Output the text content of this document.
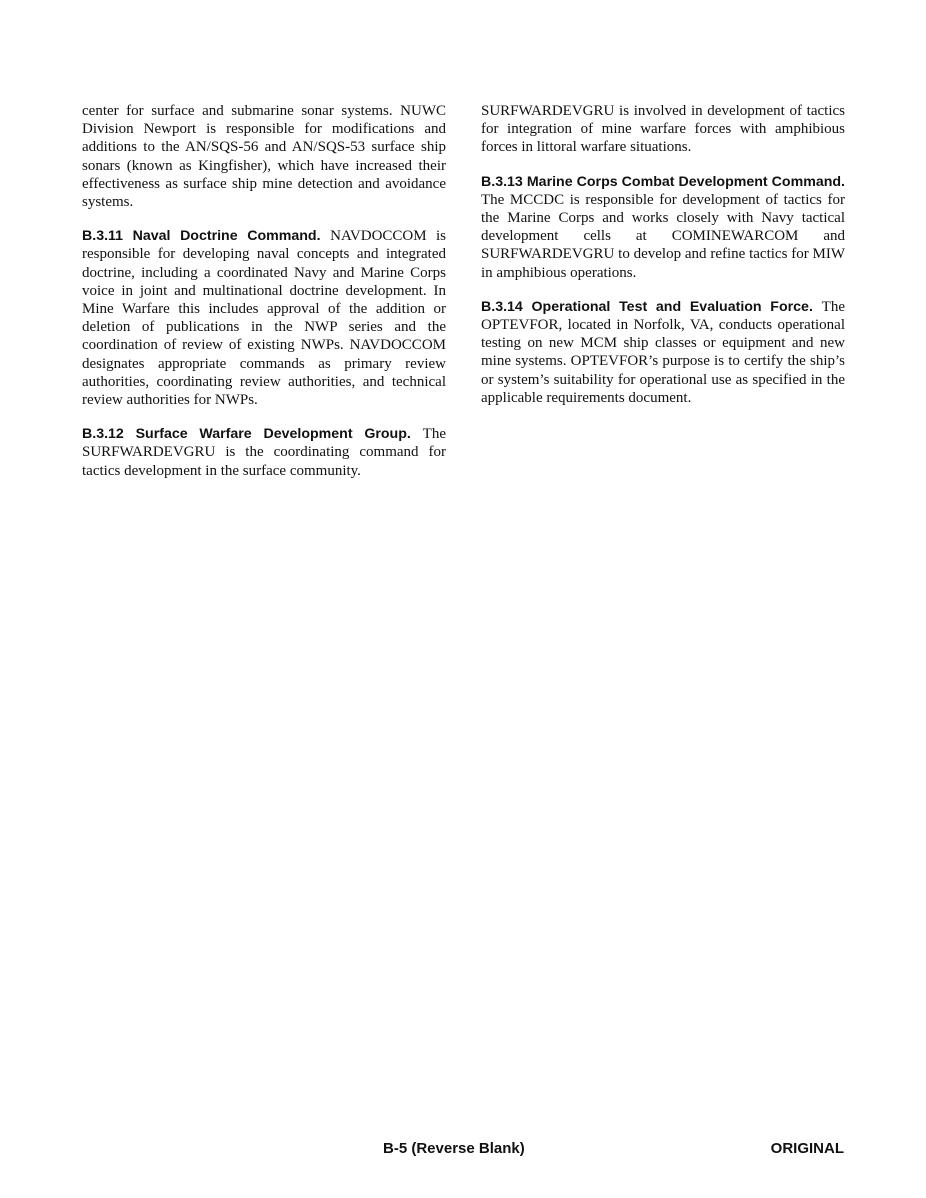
center for surface and submarine sonar systems. NUWC Division Newport is responsible for modifications and additions to the AN/SQS-56 and AN/SQS-53 surface ship sonars (known as Kingfisher), which have increased their effectiveness as surface ship mine detection and avoidance systems.

B.3.11 Naval Doctrine Command. NAVDOCCOM is responsible for developing naval concepts and integrated doctrine, including a coordinated Navy and Marine Corps voice in joint and multinational doctrine development. In Mine Warfare this includes approval of the addition or deletion of publications in the NWP series and the coordination of review of existing NWPs. NAVDOCCOM designates appropriate commands as primary review authorities, coordinating review authorities, and technical review authorities for NWPs.

B.3.12 Surface Warfare Development Group. The SURFWARDEVGRU is the coordinating command for tactics development in the surface community.

SURFWARDEVGRU is involved in development of tactics for integration of mine warfare forces with amphibious forces in littoral warfare situations.

B.3.13 Marine Corps Combat Development Command. The MCCDC is responsible for development of tactics for the Marine Corps and works closely with Navy tactical development cells at COMINEWARCOM and SURFWARDEVGRU to develop and refine tactics for MIW in amphibious operations.

B.3.14 Operational Test and Evaluation Force. The OPTEVFOR, located in Norfolk, VA, conducts operational testing on new MCM ship classes or equipment and new mine systems. OPTEVFOR’s purpose is to certify the ship’s or system’s suitability for operational use as specified in the applicable requirements document.

B-5 (Reverse Blank)	ORIGINAL
